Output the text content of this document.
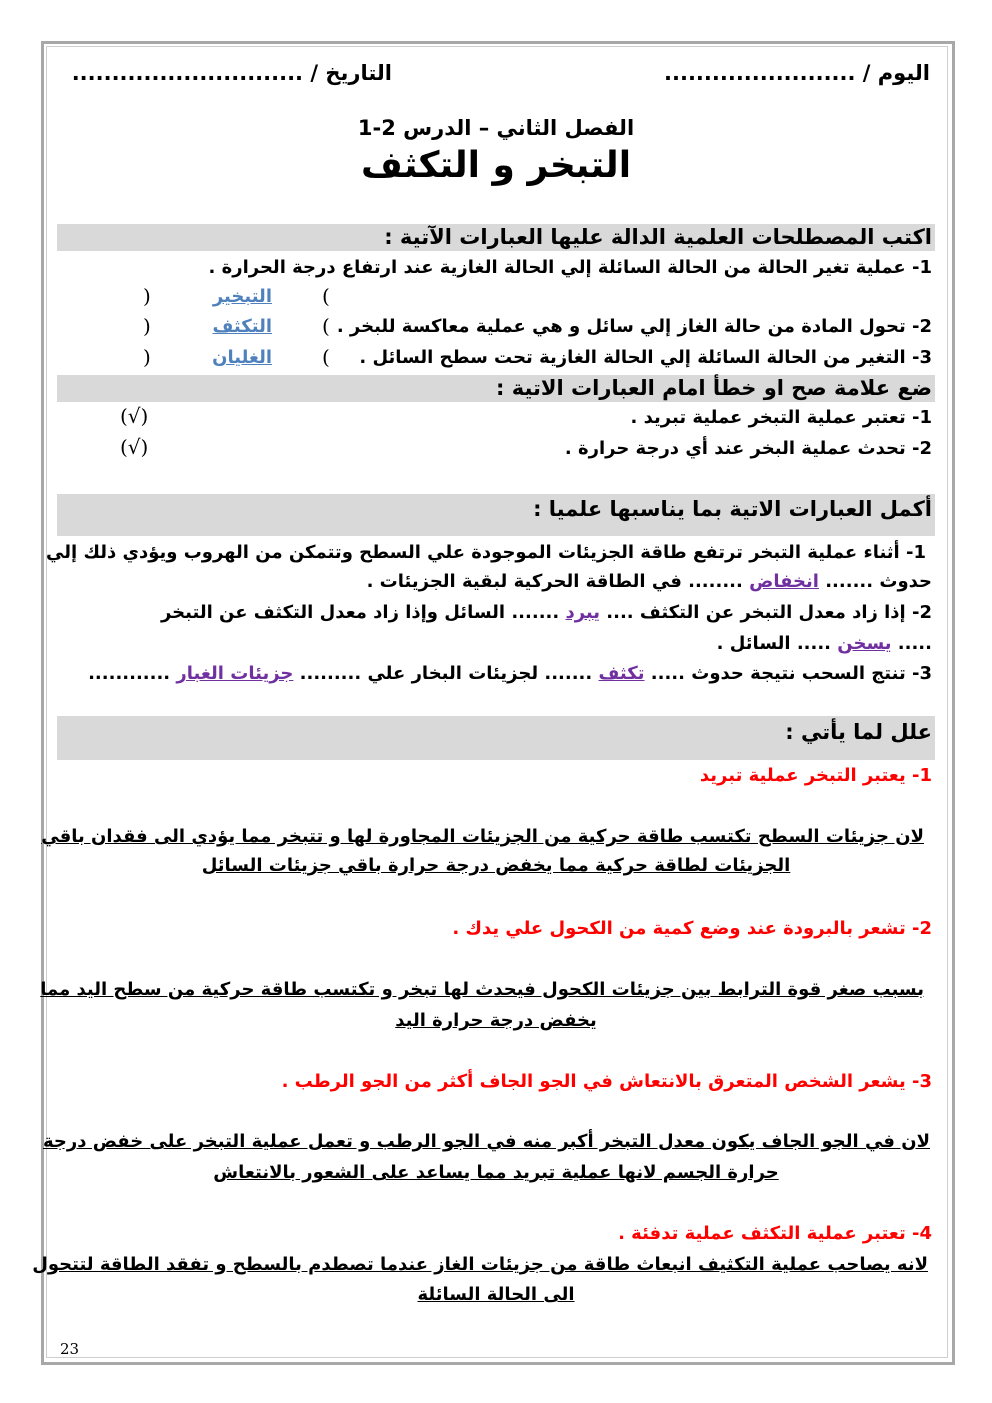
اليوم / ........................
التاريخ / .............................
الفصل الثاني – الدرس 2-1
التبخر و التكثف
اكتب المصطلحات العلمية الدالة عليها العبارات الآتية :
1- عملية تغير الحالة من الحالة السائلة إلي الحالة الغازية عند ارتفاع درجة الحرارة .
التبخير
2- تحول المادة من حالة الغاز إلي سائل و هي عملية معاكسة للبخر .
التكثف
3- التغير من الحالة السائلة إلي الحالة الغازية تحت سطح السائل .
الغليان
(
)
(
)
(
)
ضع علامة صح او خطأ امام العبارات الاتية :
1- تعتبر عملية التبخر عملية تبريد .
(√)
2- تحدث عملية البخر عند أي درجة حرارة .
(√)
أكمل العبارات الاتية بما يناسبها علميا :
1- أثناء عملية التبخر ترتفع طاقة الجزيئات الموجودة علي السطح وتتمكن من الهروب ويؤدي ذلك إلي
حدوث ....... انخفاض ........ في الطاقة الحركية لبقية الجزيئات .
2- إذا زاد معدل التبخر عن التكثف .... يبرد ....... السائل وإذا زاد معدل التكثف عن التبخر
..... يسخن ..... السائل .
3- تنتج السحب نتيجة حدوث ..... تكثف ....... لجزيئات البخار علي ......... جزيئات الغبار ............
علل لما يأتي :
1- يعتبر التبخر عملية تبريد
لان جزيئات السطح تكتسب طاقة حركية من الجزيئات المجاورة لها و تتبخر مما يؤدي الى فقدان باقي
الجزيئات لطاقة حركية مما يخفض درجة حرارة باقي جزيئات السائل
2- تشعر بالبرودة عند وضع كمية من الكحول علي يدك .
بسبب صغر قوة الترابط بين جزيئات الكحول فيحدث لها تبخر و تكتسب طاقة حركية من سطح اليد مما
يخفض درجة حرارة اليد
3- يشعر الشخص المتعرق بالانتعاش في الجو الجاف أكثر من الجو الرطب .
لان في الجو الجاف يكون معدل التبخر أكبر منه في الجو الرطب و تعمل عملية التبخر على خفض درجة
حرارة الجسم لانها عملية تبريد مما يساعد على الشعور بالانتعاش
4- تعتبر عملية التكثف عملية تدفئة .
لانه يصاحب عملية التكثيف انبعاث طاقة من جزيئات الغاز عندما تصطدم بالسطح و تفقد الطاقة لتتحول
الى الحالة السائلة
23
